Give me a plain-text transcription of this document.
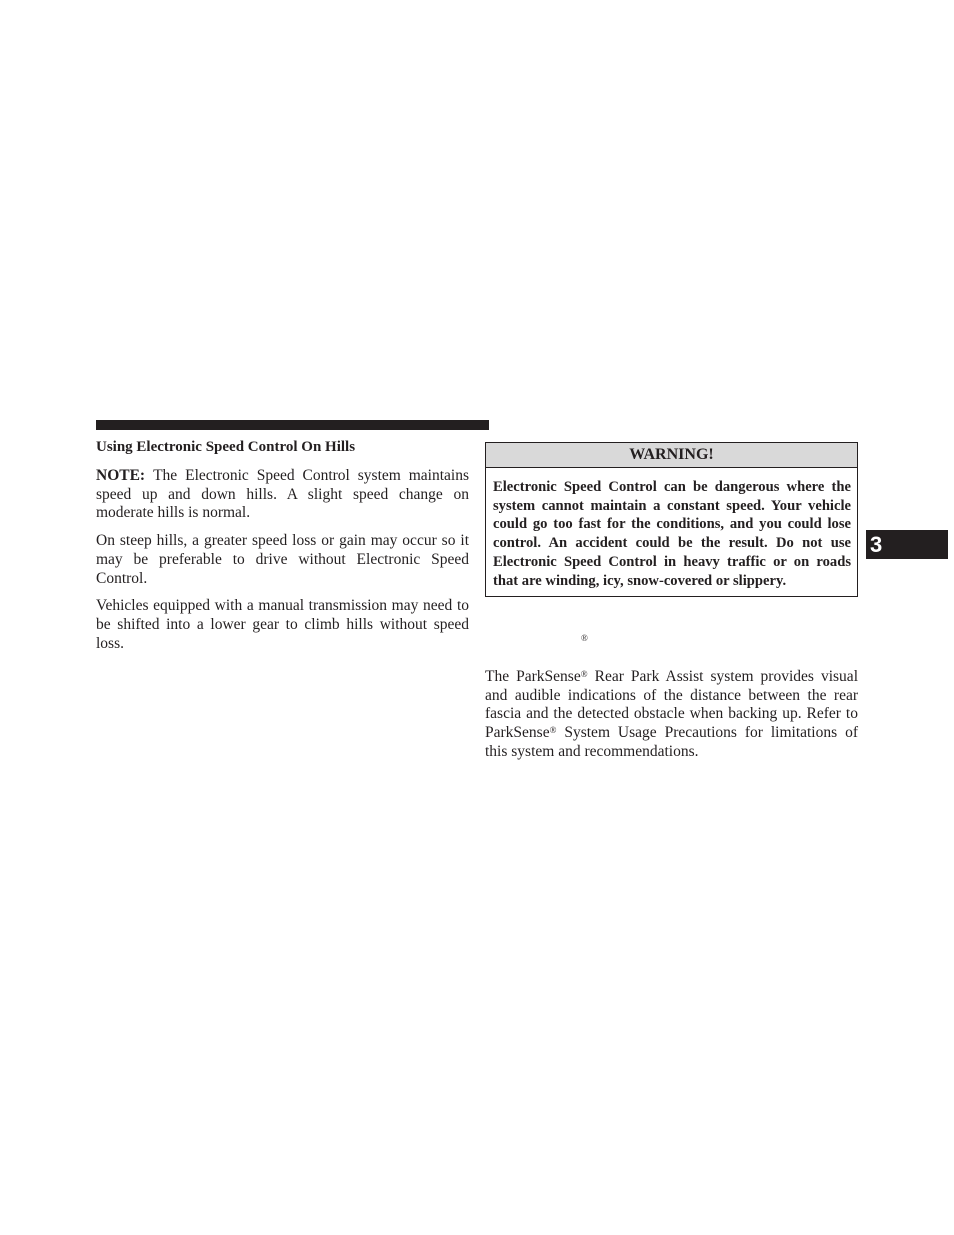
Using Electronic Speed Control On Hills

NOTE: The Electronic Speed Control system maintains speed up and down hills. A slight speed change on moderate hills is normal.

On steep hills, a greater speed loss or gain may occur so it may be preferable to drive without Electronic Speed Control.

Vehicles equipped with a manual transmission may need to be shifted into a lower gear to climb hills without speed loss.

WARNING!
Electronic Speed Control can be dangerous where the system cannot maintain a constant speed. Your vehicle could go too fast for the conditions, and you could lose control. An accident could be the result. Do not use Electronic Speed Control in heavy traffic or on roads that are winding, icy, snow-covered or slippery.
®

The ParkSense® Rear Park Assist system provides visual and audible indications of the distance between the rear fascia and the detected obstacle when backing up. Refer to ParkSense® System Usage Precautions for limitations of this system and recommendations.

3
